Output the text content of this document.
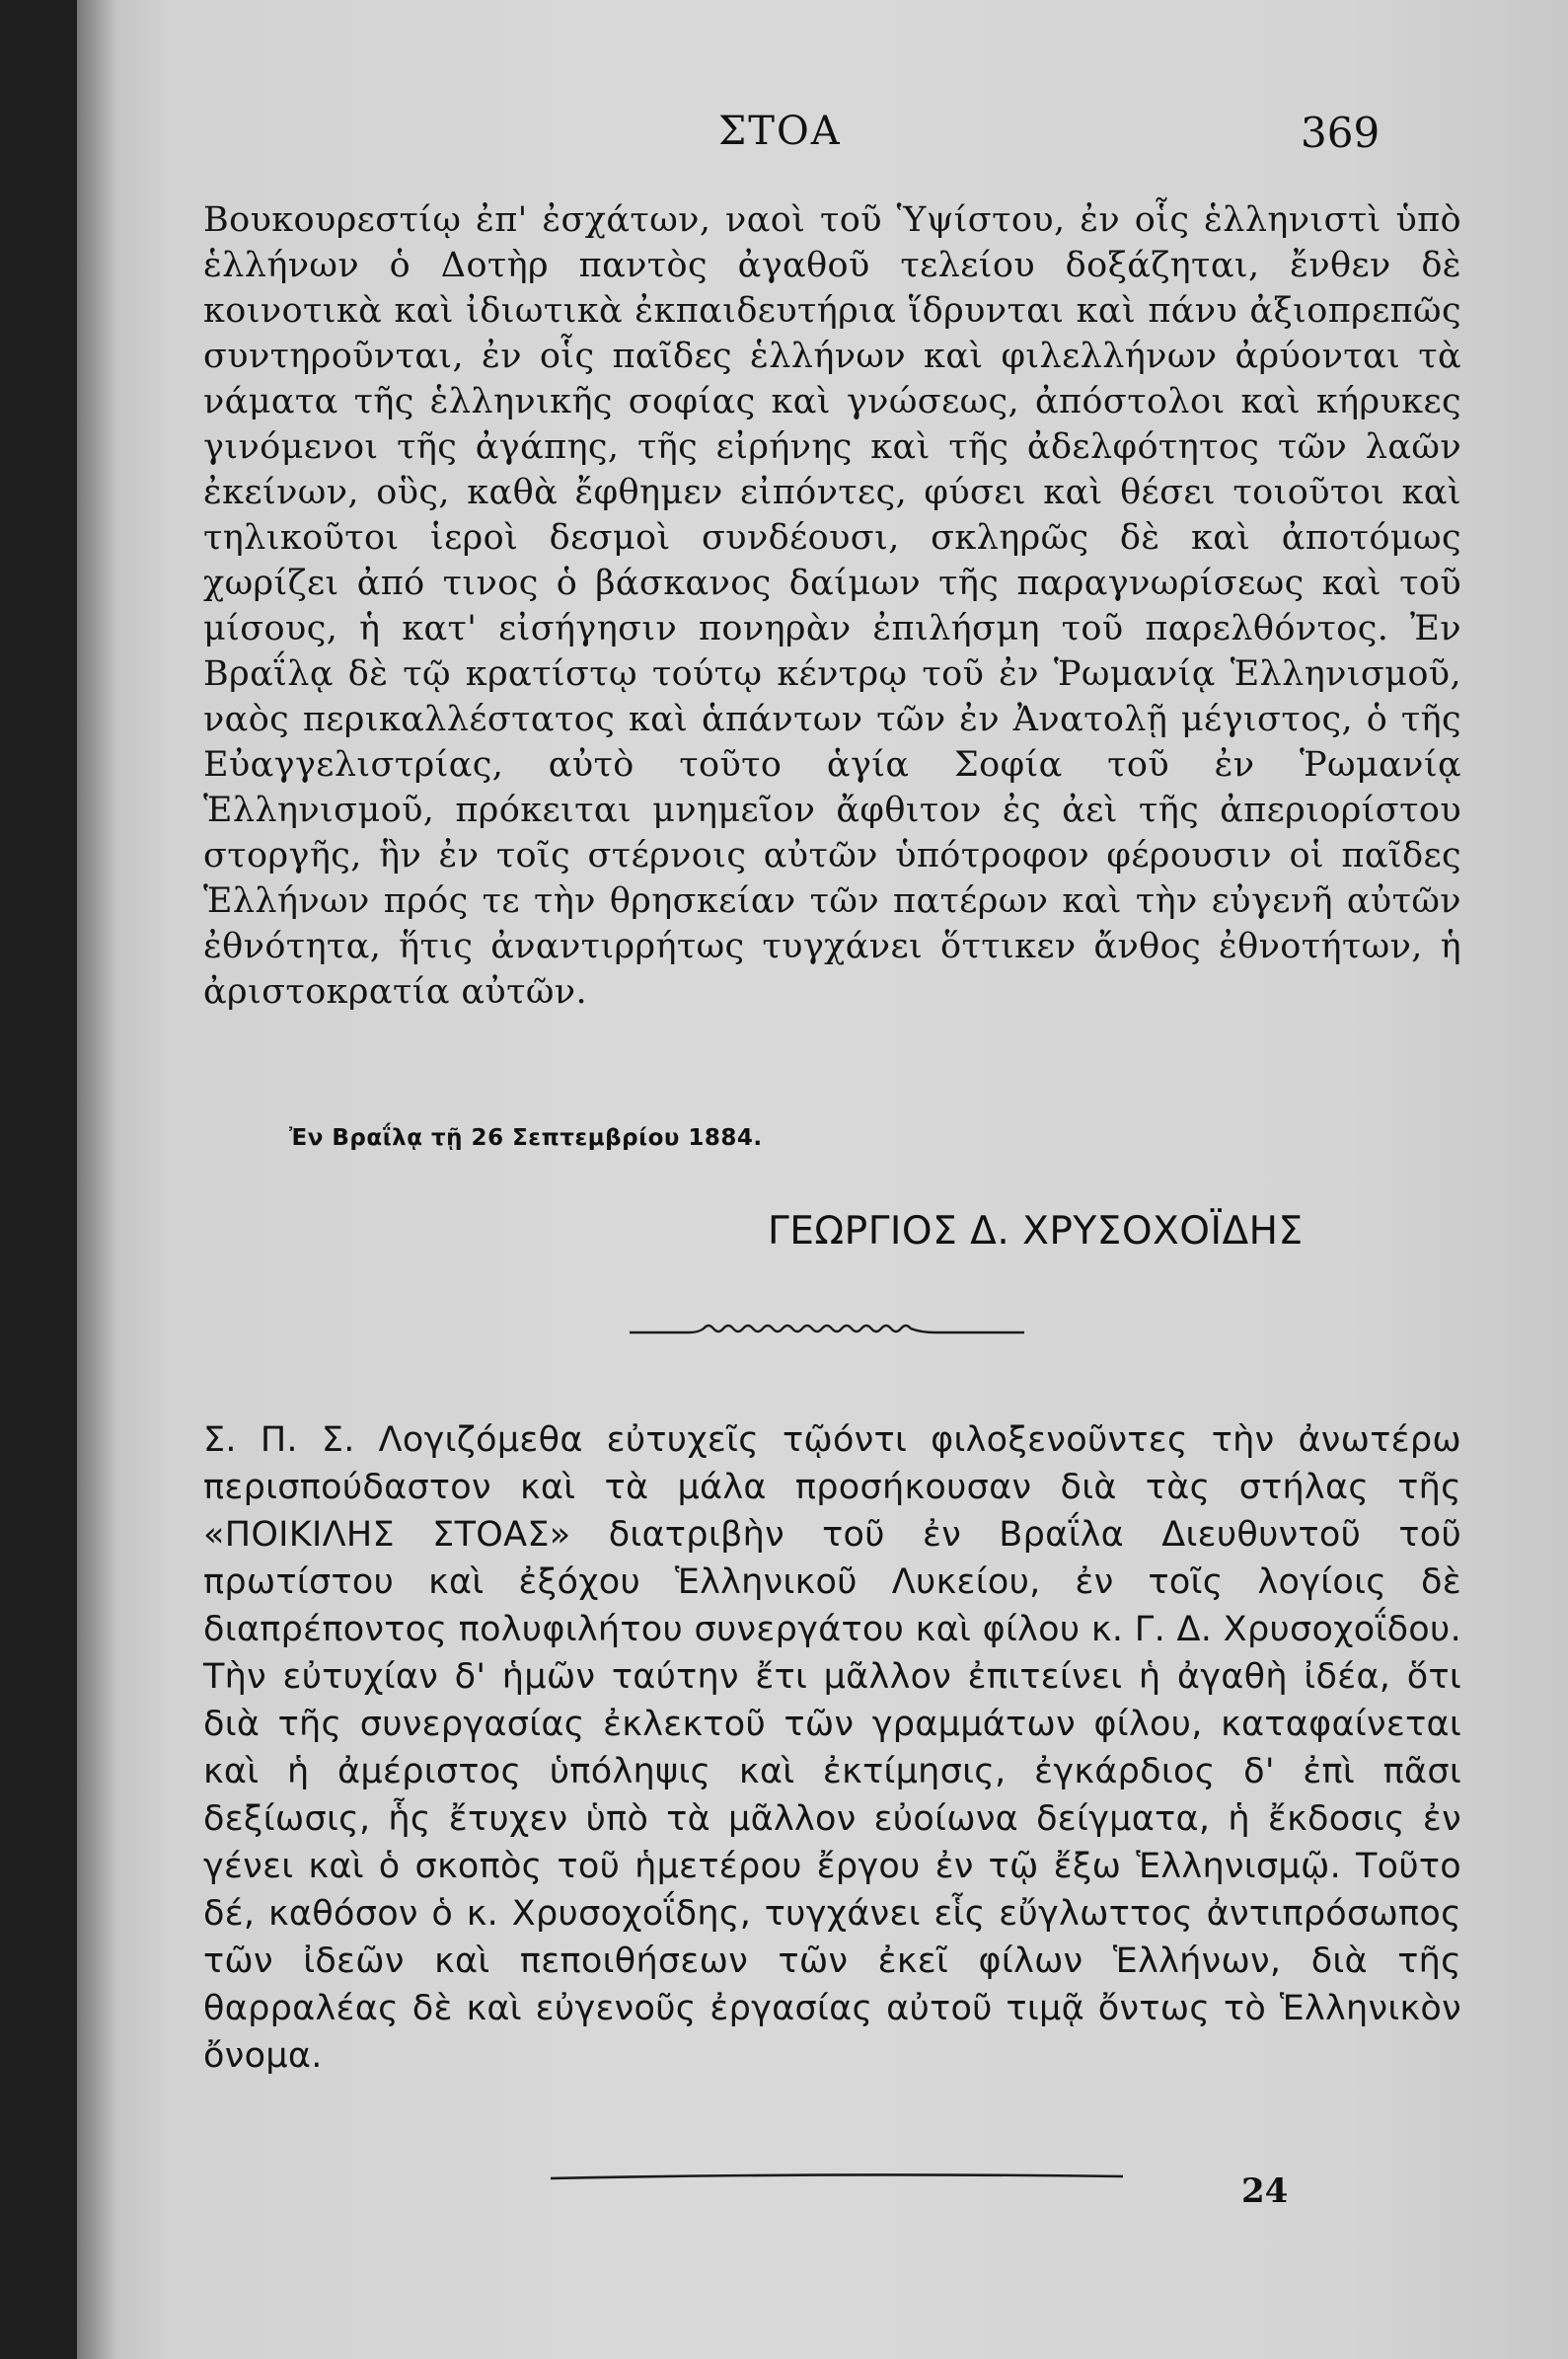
ΣΤΟΑ	369

Βουκουρεστίῳ ἐπ' ἐσχάτων, ναοὶ τοῦ Ὑψίστου, ἐν οἷς ἑλληνιστὶ ὑπὸ ἑλλήνων ὁ Δοτὴρ παντὸς ἀγαθοῦ τελείου δοξάζηται, ἔνθεν δὲ κοινοτικὰ καὶ ἰδιωτικὰ ἐκπαιδευτήρια ἵδρυνται καὶ πάνυ ἀξιοπρεπῶς συντηροῦνται, ἐν οἷς παῖδες ἑλλήνων καὶ φιλελλήνων ἀρύονται τὰ νάματα τῆς ἑλληνικῆς σοφίας καὶ γνώσεως, ἀπόστολοι καὶ κήρυκες γινόμενοι τῆς ἀγάπης, τῆς εἰρήνης καὶ τῆς ἀδελφότητος τῶν λαῶν ἐκείνων, οὓς, καθὰ ἔφθημεν εἰπόντες, φύσει καὶ θέσει τοιοῦτοι καὶ τηλικοῦτοι ἱεροὶ δεσμοὶ συνδέουσι, σκληρῶς δὲ καὶ ἀποτόμως χωρίζει ἀπό τινος ὁ βάσκανος δαίμων τῆς παραγνωρίσεως καὶ τοῦ μίσους, ἡ κατ' εἰσήγησιν πονηρὰν ἐπιλήσμη τοῦ παρελθόντος. Ἐν Βραΐλᾳ δὲ τῷ κρατίστῳ τούτῳ κέντρῳ τοῦ ἐν Ῥωμανίᾳ Ἑλληνισμοῦ, ναὸς περικαλλέστατος καὶ ἁπάντων τῶν ἐν Ἀνατολῇ μέγιστος, ὁ τῆς Εὐαγγελιστρίας, αὐτὸ τοῦτο ἁγία Σοφία τοῦ ἐν Ῥωμανίᾳ Ἑλληνισμοῦ, πρόκειται μνημεῖον ἄφθιτον ἐς ἀεὶ τῆς ἀπεριορίστου στοργῆς, ἣν ἐν τοῖς στέρνοις αὐτῶν ὑπότροφον φέρουσιν οἱ παῖδες Ἑλλήνων πρός τε τὴν θρησκείαν τῶν πατέρων καὶ τὴν εὐγενῆ αὐτῶν ἐθνότητα, ἥτις ἀναντιρρήτως τυγχάνει ὅττικεν ἄνθος ἐθνοτήτων, ἡ ἀριστοκρατία αὐτῶν.

Ἐν Βραΐλᾳ τῇ 26 Σεπτεμβρίου 1884.
ΓΕΩΡΓΙΟΣ Δ. ΧΡΥΣΟΧΟΪΔΗΣ

Σ. Π. Σ. Λογιζόμεθα εὐτυχεῖς τῷόντι φιλοξενοῦντες τὴν ἀνωτέρω περισπούδαστον καὶ τὰ μάλα προσήκουσαν διὰ τὰς στήλας τῆς «ΠΟΙΚΙΛΗΣ ΣΤΟΑΣ» διατριβὴν τοῦ ἐν Βραΐλα Διευθυντοῦ τοῦ πρωτίστου καὶ ἐξόχου Ἑλληνικοῦ Λυκείου, ἐν τοῖς λογίοις δὲ διαπρέποντος πολυφιλήτου συνεργάτου καὶ φίλου κ. Γ. Δ. Χρυσοχοΐδου. Τὴν εὐτυχίαν δ' ἡμῶν ταύτην ἔτι μᾶλλον ἐπιτείνει ἡ ἀγαθὴ ἰδέα, ὅτι διὰ τῆς συνεργασίας ἐκλεκτοῦ τῶν γραμμάτων φίλου, καταφαίνεται καὶ ἡ ἀμέριστος ὑπόληψις καὶ ἐκτίμησις, ἐγκάρδιος δ' ἐπὶ πᾶσι δεξίωσις, ἧς ἔτυχεν ὑπὸ τὰ μᾶλλον εὐοίωνα δείγματα, ἡ ἔκδοσις ἐν γένει καὶ ὁ σκοπὸς τοῦ ἡμετέρου ἔργου ἐν τῷ ἔξω Ἑλληνισμῷ. Τοῦτο δέ, καθόσον ὁ κ. Χρυσοχοΐδης, τυγχάνει εἷς εὔγλωττος ἀντιπρόσωπος τῶν ἰδεῶν καὶ πεποιθήσεων τῶν ἐκεῖ φίλων Ἑλλήνων, διὰ τῆς θαρραλέας δὲ καὶ εὐγενοῦς ἐργασίας αὐτοῦ τιμᾷ ὄντως τὸ Ἑλληνικὸν ὄνομα.

24
